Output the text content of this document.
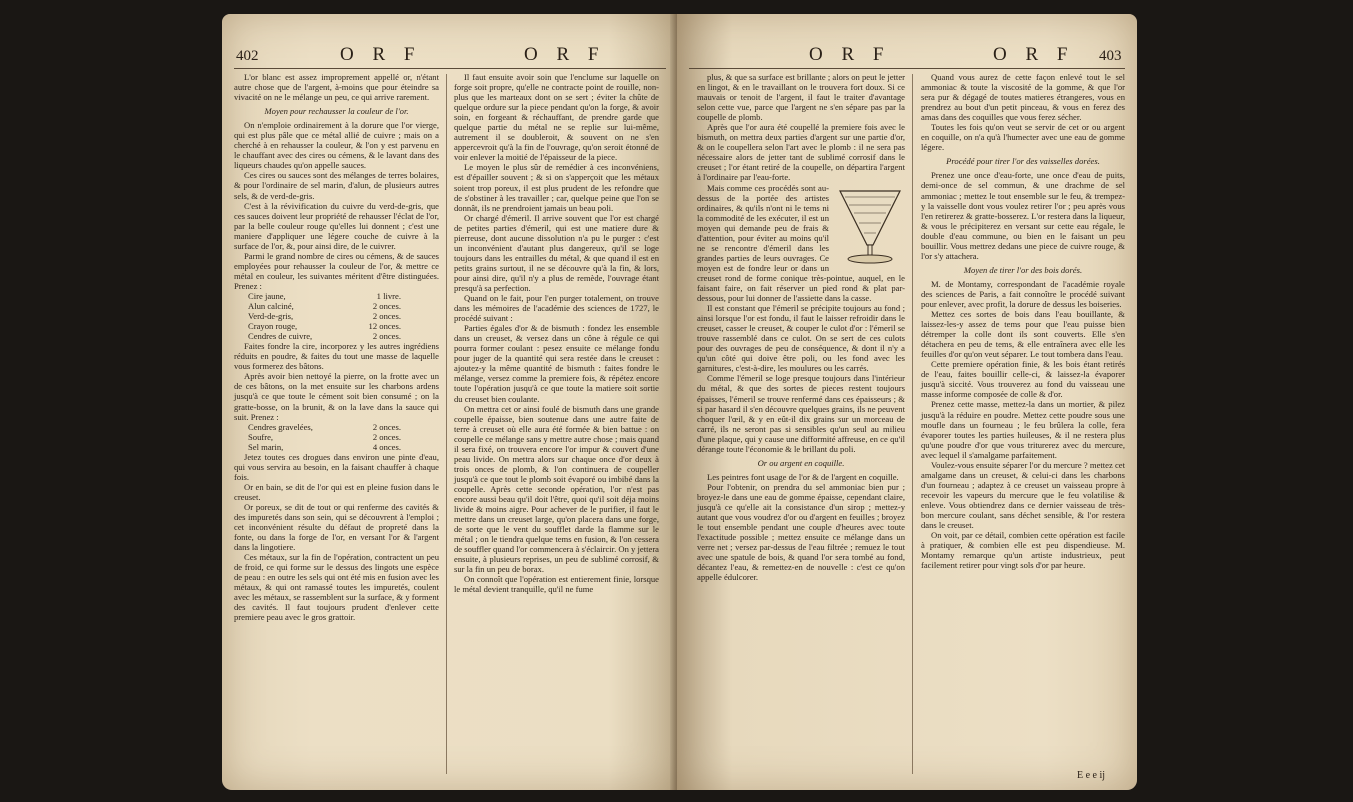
402	O R F	O R F

L'or blanc est assez improprement appellé or, n'étant autre chose que de l'argent, à-moins que pour éteindre sa vivacité on ne le mélange un peu, ce qui arrive rarement.

Moyen pour rechausser la couleur de l'or.

On n'emploie ordinairement à la dorure que l'or vierge, qui est plus pâle que ce métal allié de cuivre ; mais on a cherché à en rehausser la couleur, & l'on y est parvenu en le chauffant avec des cires ou cémens, & le lavant dans des liqueurs chaudes qu'on appelle sauces.

Ces cires ou sauces sont des mélanges de terres bolaires, & pour l'ordinaire de sel marin, d'alun, de plusieurs autres sels, & de verd-de-gris.

C'est à la révivification du cuivre du verd-de-gris, que ces sauces doivent leur propriété de rehausser l'éclat de l'or, par la belle couleur rouge qu'elles lui donnent ; c'est une maniere d'appliquer une légere couche de cuivre à la surface de l'or, &, pour ainsi dire, de le cuivrer.

Parmi le grand nombre de cires ou cémens, & de sauces employées pour rehausser la couleur de l'or, & mettre ce métal en couleur, les suivantes méritent d'être distinguées. Prenez :

Cire jaune,	1 livre.
Alun calciné,	2 onces.
Verd-de-gris,	2 onces.
Crayon rouge,	12 onces.
Cendres de cuivre,	2 onces.

Faites fondre la cire, incorporez y les autres ingrédiens réduits en poudre, & faites du tout une masse de laquelle vous formerez des bâtons.

Après avoir bien nettoyé la pierre, on la frotte avec un de ces bâtons, on la met ensuite sur les charbons ardens jusqu'à ce que toute le cément soit bien consumé ; on la gratte-bosse, on la brunit, & on la lave dans la sauce qui suit. Prenez :

Cendres gravelées,	2 onces.
Soufre,	2 onces.
Sel marin,	4 onces.

Jetez toutes ces drogues dans environ une pinte d'eau, qui vous servira au besoin, en la faisant chauffer à chaque fois.

Or en bain, se dit de l'or qui est en pleine fusion dans le creuset.

Or poreux, se dit de tout or qui renferme des cavités & des impuretés dans son sein, qui se découvrent à l'emploi ; cet inconvénient résulte du défaut de propreté dans la fonte, ou dans la forge de l'or, en versant l'or & l'argent dans la lingotiere.

Ces métaux, sur la fin de l'opération, contractent un peu de froid, ce qui forme sur le dessus des lingots une espèce de peau : en outre les sels qui ont été mis en fusion avec les métaux, & qui ont ramassé toutes les impuretés, coulent avec les métaux, se rassemblent sur la surface, & y forment des cavités. Il faut toujours prudent d'enlever cette premiere peau avec le gros grattoir.

Il faut ensuite avoir soin que l'enclume sur laquelle on forge soit propre, qu'elle ne contracte point de rouille, non-plus que les marteaux dont on se sert ; éviter la chûte de quelque ordure sur la piece pendant qu'on la forge, & avoir soin, en forgeant & réchauffant, de prendre garde que quelque partie du métal ne se replie sur lui-même, autrement il se doubleroit, & souvent on ne s'en appercevroit qu'à la fin de l'ouvrage, qu'on seroit étonné de voir enlever la moitié de l'épaisseur de la piece.

Le moyen le plus sûr de remédier à ces inconvéniens, est d'épailler souvent ; & si on s'apperçoit que les métaux soient trop poreux, il est plus prudent de les refondre que de s'obstiner à les travailler ; car, quelque peine que l'on se donnât, ils ne prendroient jamais un beau poli.

Or chargé d'émeril. Il arrive souvent que l'or est chargé de petites parties d'émeril, qui est une matiere dure & pierreuse, dont aucune dissolution n'a pu le purger : c'est un inconvénient d'autant plus dangereux, qu'il se loge toujours dans les entrailles du métal, & que quand il est en petits grains surtout, il ne se découvre qu'à la fin, & lors, pour ainsi dire, qu'il n'y a plus de remède, l'ouvrage étant presqu'à sa perfection.

Quand on le fait, pour l'en purger totalement, on trouve dans les mémoires de l'académie des sciences de 1727, le procédé suivant :

Parties égales d'or & de bismuth : fondez les ensemble dans un creuset, & versez dans un cône à régule ce qui pourra former coulant : pesez ensuite ce mélange fondu pour juger de la quantité qui sera restée dans le creuset : ajoutez-y la même quantité de bismuth : faites fondre le mélange, versez comme la premiere fois, & répétez encore toute l'opération jusqu'à ce que toute la matiere soit sortie du creuset bien coulante.

On mettra cet or ainsi foulé de bismuth dans une grande coupelle épaisse, bien soutenue dans une autre faite de terre à creuset où elle aura été formée & bien battue : on coupelle ce mélange sans y mettre autre chose ; mais quand il sera fixé, on trouvera encore l'or impur & couvert d'une peau livide. On mettra alors sur chaque once d'or deux à trois onces de plomb, & l'on continuera de coupeller jusqu'à ce que tout le plomb soit évaporé ou imbibé dans la coupelle. Après cette seconde opération, l'or n'est pas encore aussi beau qu'il doit l'être, quoi qu'il soit déja moins livide & moins aigre. Pour achever de le purifier, il faut le mettre dans un creuset large, qu'on placera dans une forge, de sorte que le vent du soufflet darde la flamme sur le métal ; on le tiendra quelque tems en fusion, & l'on cessera de souffler quand l'or commencera à s'éclaircir. On y jettera ensuite, à plusieurs reprises, un peu de sublimé corrosif, & sur la fin un peu de borax.

On connoît que l'opération est entierement finie, lorsque le métal devient tranquille, qu'il ne fume

O R F	O R F 403

plus, & que sa surface est brillante ; alors on peut le jetter en lingot, & en le travaillant on le trouvera fort doux. Si ce mauvais or tenoit de l'argent, il faut le traiter d'avantage selon cette vue, parce que l'argent ne s'en sépare pas par la coupelle de plomb.

Après que l'or aura été coupellé la premiere fois avec le bismuth, on mettra deux parties d'argent sur une partie d'or, & on le coupellera selon l'art avec le plomb : il ne sera pas nécessaire alors de jetter tant de sublimé corrosif dans le creuset ; l'or étant retiré de la coupelle, on départira l'argent à l'ordinaire par l'eau-forte.

Mais comme ces procédés sont au-dessus de la portée des artistes ordinaires, & qu'ils n'ont ni le tems ni la commodité de les exécuter, il est un moyen qui demande peu de frais & d'attention, pour éviter au moins qu'il ne se rencontre d'émeril dans les grandes parties de leurs ouvrages. Ce moyen est de fondre leur or dans un creuset rond de forme conique très-pointue, auquel, en le faisant faire, on fait réserver un pied rond & plat par-dessous, pour lui donner de l'assiette dans la casse.

Il est constant que l'émeril se précipite toujours au fond ; ainsi lorsque l'or est fondu, il faut le laisser refroidir dans le creuset, casser le creuset, & couper le culot d'or : l'émeril se trouve rassemblé dans ce culot. On se sert de ces culots pour des ouvrages de peu de conséquence, & dont il n'y a qu'un côté qui doive être poli, ou les fond avec les garnitures, c'est-à-dire, les moulures ou les carrés.

Comme l'émeril se loge presque toujours dans l'intérieur du métal, & que des sortes de pieces restent toujours épaisses, l'émeril se trouve renfermé dans ces épaisseurs ; & si par hasard il s'en découvre quelques grains, ils ne peuvent choquer l'œil, & y en eût-il dix grains sur un morceau de carré, ils ne seront pas si sensibles qu'un seul au milieu d'une plaque, qui y cause une difformité affreuse, en ce qu'il dérange toute l'économie & le brillant du poli.

Or ou argent en coquille.

Les peintres font usage de l'or & de l'argent en coquille.

Pour l'obtenir, on prendra du sel ammoniac bien pur ; broyez-le dans une eau de gomme épaisse, cependant claire, jusqu'à ce qu'elle ait la consistance d'un sirop ; mettez-y autant que vous voudrez d'or ou d'argent en feuilles ; broyez le tout ensemble pendant une couple d'heures avec toute l'exactitude possible ; mettez ensuite ce mélange dans un verre net ; versez par-dessus de l'eau filtrée ; remuez le tout avec une spatule de bois, & quand l'or sera tombé au fond, décantez l'eau, & remettez-en de nouvelle : c'est ce qu'on appelle édulcorer.

Quand vous aurez de cette façon enlevé tout le sel ammoniac & toute la viscosité de la gomme, & que l'or sera pur & dégagé de toutes matieres étrangeres, vous en prendrez au bout d'un petit pinceau, & vous en ferez des amas dans des coquilles que vous ferez sécher.

Toutes les fois qu'on veut se servir de cet or ou argent en coquille, on n'a qu'à l'humecter avec une eau de gomme légere.

Procédé pour tirer l'or des vaisselles dorées.

Prenez une once d'eau-forte, une once d'eau de puits, demi-once de sel commun, & une drachme de sel ammoniac ; mettez le tout ensemble sur le feu, & trempez-y la vaisselle dont vous voulez retirer l'or ; peu après vous l'en retirerez & gratte-bosserez. L'or restera dans la liqueur, & vous le précipiterez en versant sur cette eau régale, le double d'eau commune, ou bien en le faisant un peu bouillir. Vous mettrez dedans une piece de cuivre rouge, & l'or s'y attachera.

Moyen de tirer l'or des bois dorés.

M. de Montamy, correspondant de l'académie royale des sciences de Paris, a fait connoître le procédé suivant pour enlever, avec profit, la dorure de dessus les boiseries.

Mettez ces sortes de bois dans l'eau bouillante, & laissez-les-y assez de tems pour que l'eau puisse bien détremper la colle dont ils sont couverts. Elle s'en détachera en peu de tems, & elle entraînera avec elle les feuilles d'or qu'on veut séparer. Le tout tombera dans l'eau.

Cette premiere opération finie, & les bois étant retirés de l'eau, faites bouillir celle-ci, & laissez-la évaporer jusqu'à siccité. Vous trouverez au fond du vaisseau une masse informe composée de colle & d'or.

Prenez cette masse, mettez-la dans un mortier, & pilez jusqu'à la réduire en poudre. Mettez cette poudre sous une moufle dans un fourneau ; le feu brûlera la colle, fera évaporer toutes les parties huileuses, & il ne restera plus qu'une poudre d'or que vous triturerez avec du mercure, avec lequel il s'amalgame parfaitement.

Voulez-vous ensuite séparer l'or du mercure ? mettez cet amalgame dans un creuset, & celui-ci dans les charbons d'un fourneau ; adaptez à ce creuset un vaisseau propre à recevoir les vapeurs du mercure que le feu volatilise & enleve. Vous obtiendrez dans ce dernier vaisseau de très-bon mercure coulant, sans déchet sensible, & l'or restera dans le creuset.

On voit, par ce détail, combien cette opération est facile à pratiquer, & combien elle est peu dispendieuse. M. Montamy remarque qu'un artiste industrieux, peut facilement retirer pour vingt sols d'or par heure.

E e e ij
